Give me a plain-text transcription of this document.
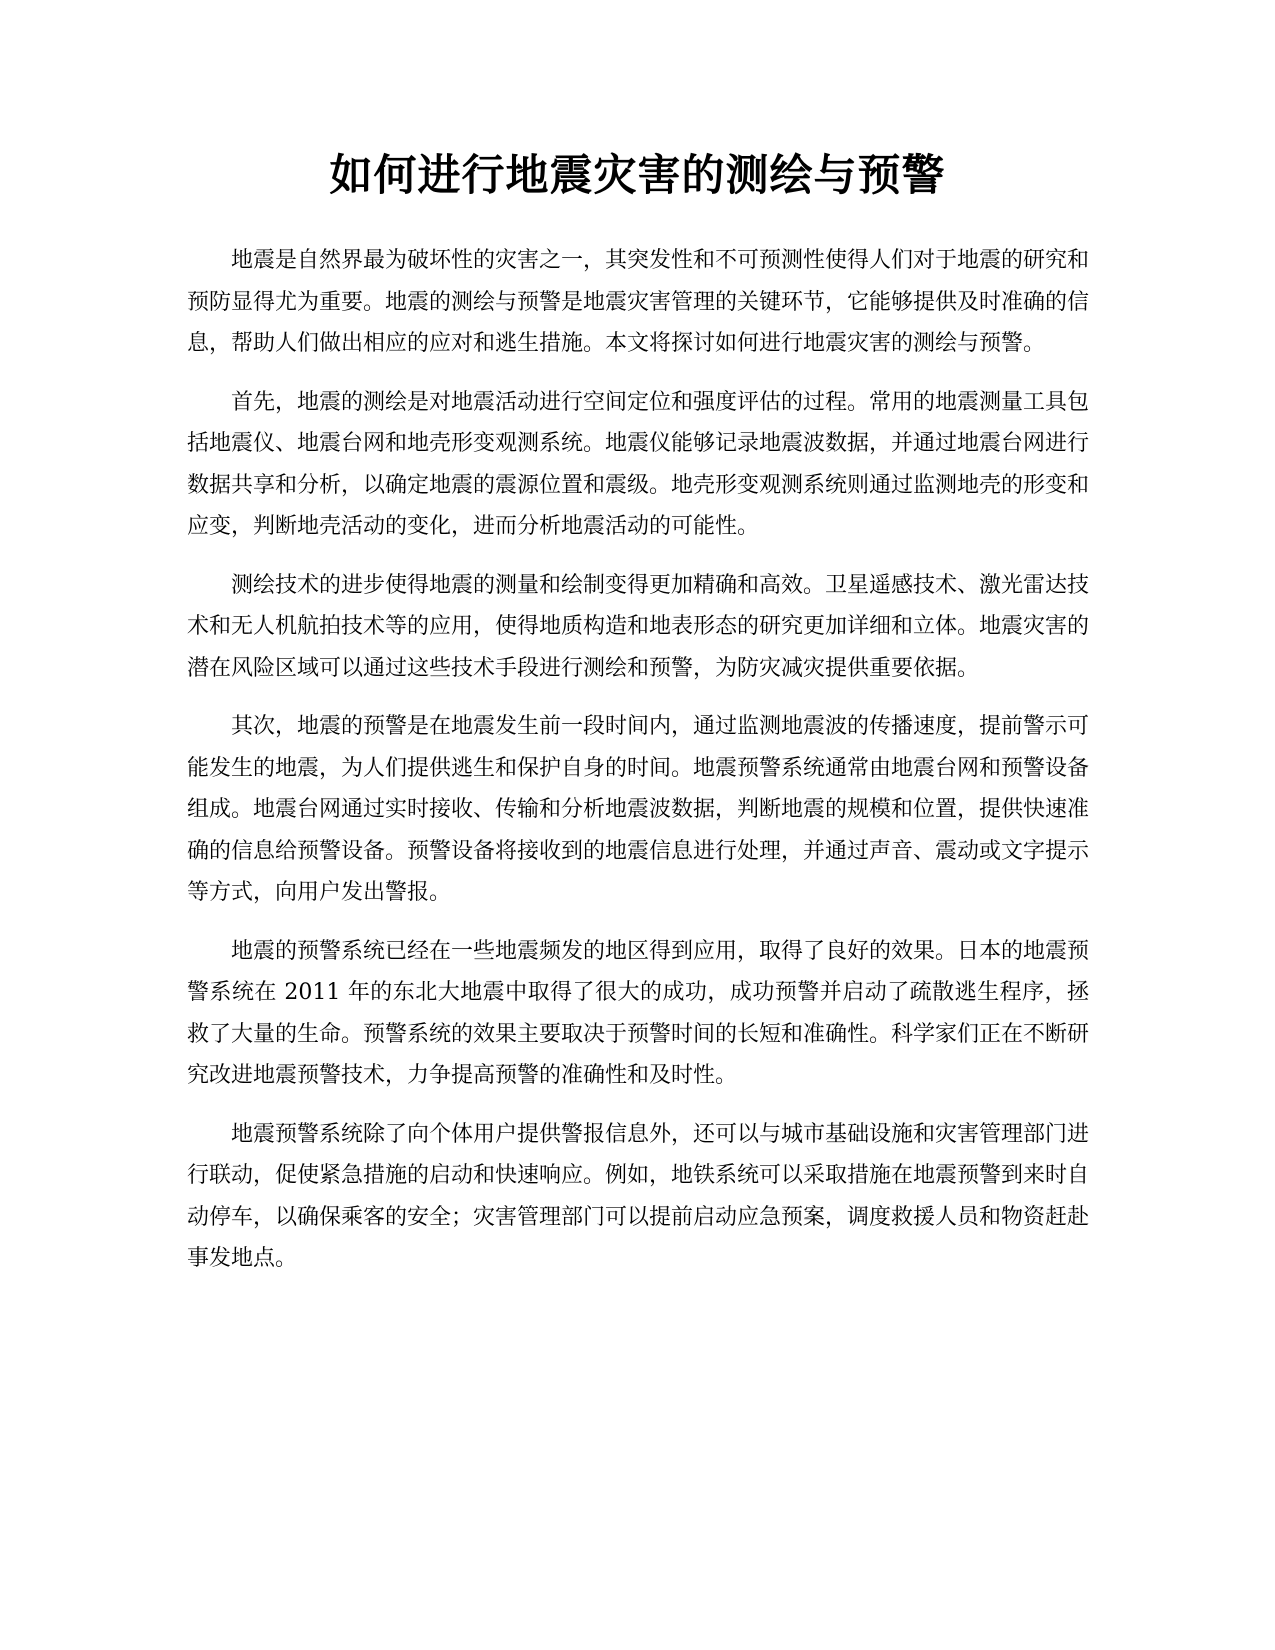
如何进行地震灾害的测绘与预警

地震是自然界最为破坏性的灾害之一，其突发性和不可预测性使得人们对于地震的研究和预防显得尤为重要。地震的测绘与预警是地震灾害管理的关键环节，它能够提供及时准确的信息，帮助人们做出相应的应对和逃生措施。本文将探讨如何进行地震灾害的测绘与预警。

首先，地震的测绘是对地震活动进行空间定位和强度评估的过程。常用的地震测量工具包括地震仪、地震台网和地壳形变观测系统。地震仪能够记录地震波数据，并通过地震台网进行数据共享和分析，以确定地震的震源位置和震级。地壳形变观测系统则通过监测地壳的形变和应变，判断地壳活动的变化，进而分析地震活动的可能性。

测绘技术的进步使得地震的测量和绘制变得更加精确和高效。卫星遥感技术、激光雷达技术和无人机航拍技术等的应用，使得地质构造和地表形态的研究更加详细和立体。地震灾害的潜在风险区域可以通过这些技术手段进行测绘和预警，为防灾减灾提供重要依据。

其次，地震的预警是在地震发生前一段时间内，通过监测地震波的传播速度，提前警示可能发生的地震，为人们提供逃生和保护自身的时间。地震预警系统通常由地震台网和预警设备组成。地震台网通过实时接收、传输和分析地震波数据，判断地震的规模和位置，提供快速准确的信息给预警设备。预警设备将接收到的地震信息进行处理，并通过声音、震动或文字提示等方式，向用户发出警报。

地震的预警系统已经在一些地震频发的地区得到应用，取得了良好的效果。日本的地震预警系统在 2011 年的东北大地震中取得了很大的成功，成功预警并启动了疏散逃生程序，拯救了大量的生命。预警系统的效果主要取决于预警时间的长短和准确性。科学家们正在不断研究改进地震预警技术，力争提高预警的准确性和及时性。

地震预警系统除了向个体用户提供警报信息外，还可以与城市基础设施和灾害管理部门进行联动，促使紧急措施的启动和快速响应。例如，地铁系统可以采取措施在地震预警到来时自动停车，以确保乘客的安全；灾害管理部门可以提前启动应急预案，调度救援人员和物资赶赴事发地点。
